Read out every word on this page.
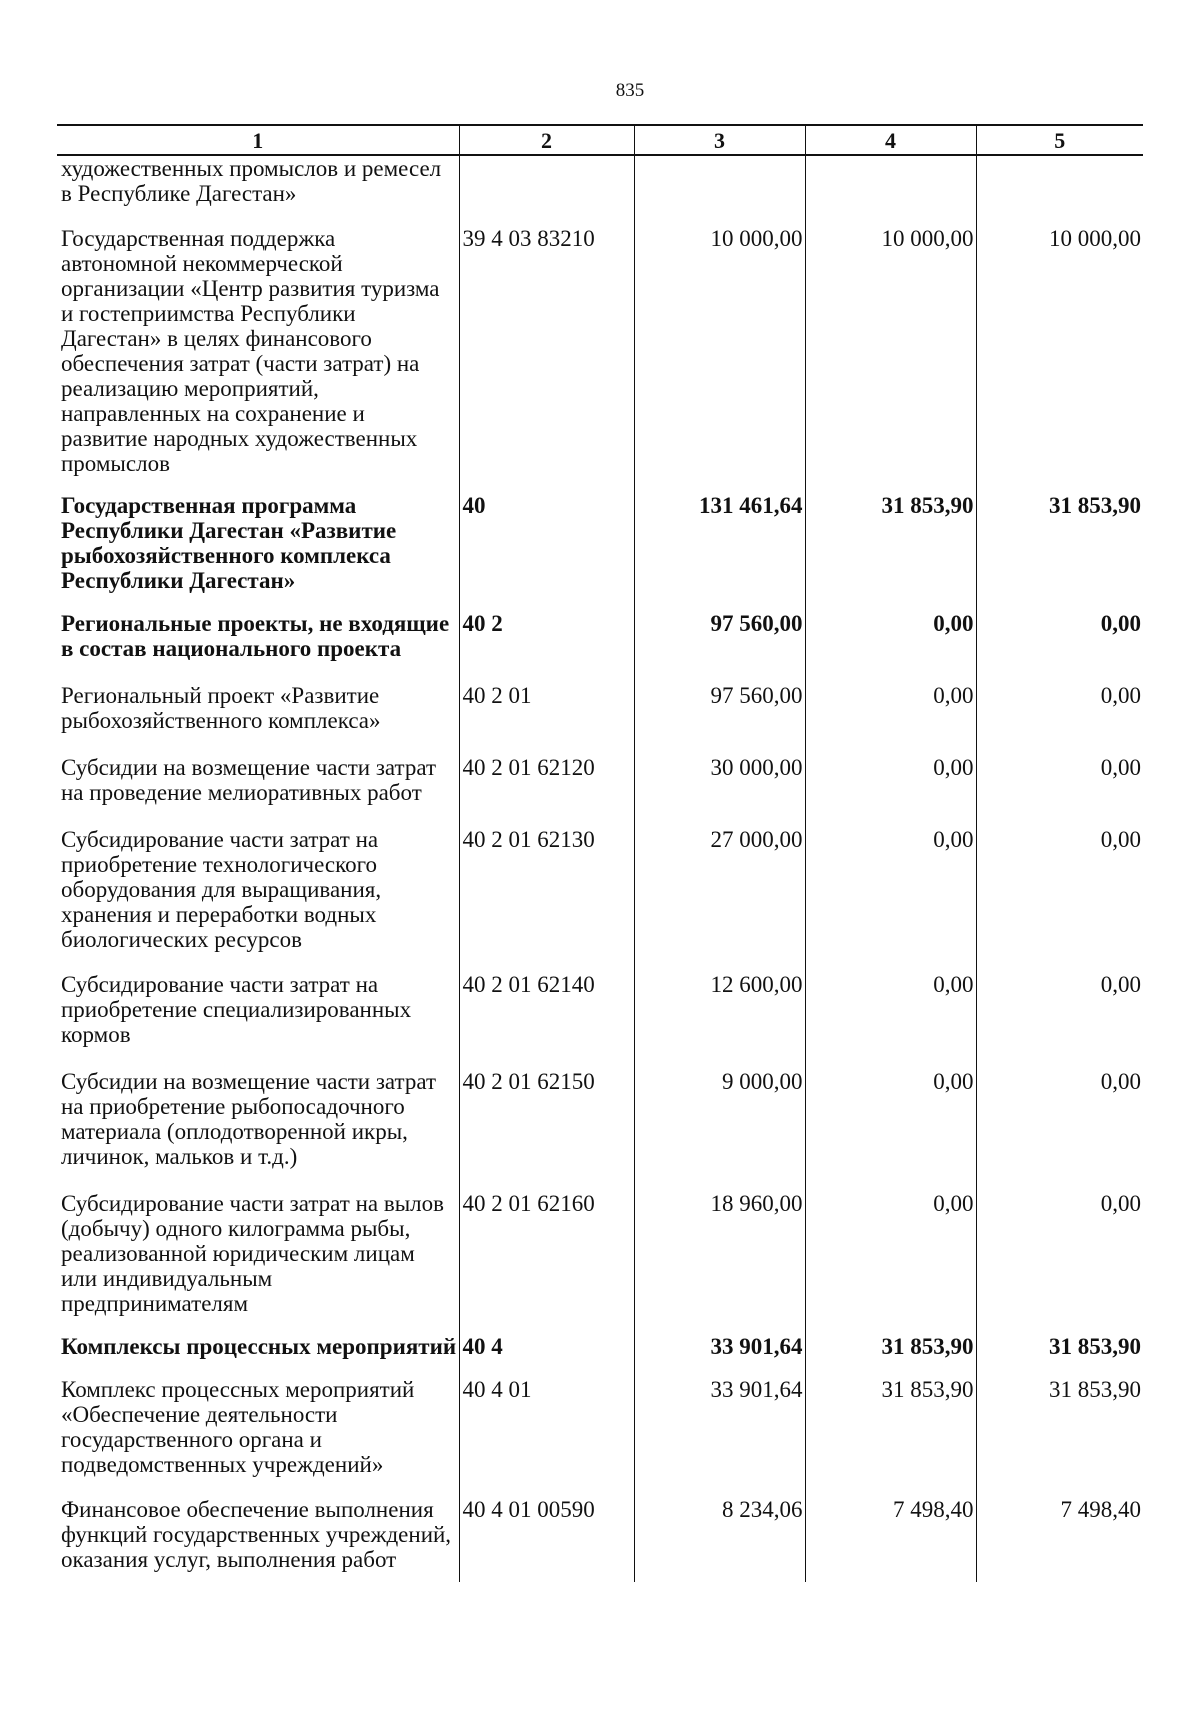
835
1	2	3	4	5
художественных промыслов и ремесел в Республике Дагестан»				
Государственная поддержка автономной некоммерческой организации «Центр развития туризма и гостеприимства Республики Дагестан» в целях финансового обеспечения затрат (части затрат) на реализацию мероприятий, направленных на сохранение и развитие народных художественных промыслов	39 4 03 83210	10 000,00	10 000,00	10 000,00
Государственная программа Республики Дагестан «Развитие рыбохозяйственного комплекса Республики Дагестан»	40	131 461,64	31 853,90	31 853,90
Региональные проекты, не входящие в состав национального проекта	40 2	97 560,00	0,00	0,00
Региональный проект «Развитие рыбохозяйственного комплекса»	40 2 01	97 560,00	0,00	0,00
Субсидии на возмещение части затрат на проведение мелиоративных работ	40 2 01 62120	30 000,00	0,00	0,00
Субсидирование части затрат на приобретение технологического оборудования для выращивания, хранения и переработки водных биологических ресурсов	40 2 01 62130	27 000,00	0,00	0,00
Субсидирование части затрат на приобретение специализированных кормов	40 2 01 62140	12 600,00	0,00	0,00
Субсидии на возмещение части затрат на приобретение рыбопосадочного материала (оплодотворенной икры, личинок, мальков и т.д.)	40 2 01 62150	9 000,00	0,00	0,00
Субсидирование части затрат на вылов (добычу) одного килограмма рыбы, реализованной юридическим лицам или индивидуальным предпринимателям	40 2 01 62160	18 960,00	0,00	0,00
Комплексы процессных мероприятий	40 4	33 901,64	31 853,90	31 853,90
Комплекс процессных мероприятий «Обеспечение деятельности государственного органа и подведомственных учреждений»	40 4 01	33 901,64	31 853,90	31 853,90
Финансовое обеспечение выполнения функций государственных учреждений, оказания услуг, выполнения работ	40 4 01 00590	8 234,06	7 498,40	7 498,40
